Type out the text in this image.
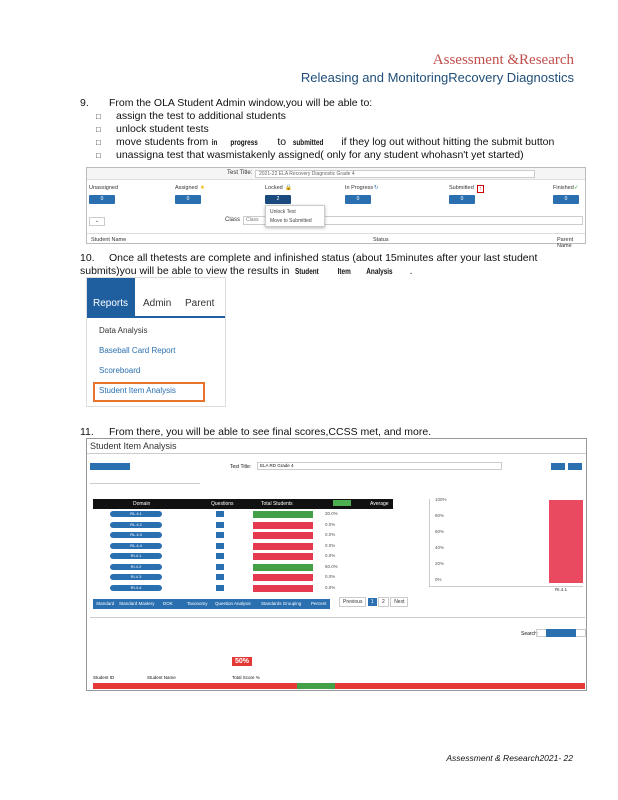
Assessment &Research
Releasing and MonitoringRecovery Diagnostics
9. From the OLA Student Admin window,you will be able to:
□ assign the test to additional students
□ unlock student tests
□ move students from in progress to submitted if they log out without hitting the submit button
□ unassigna test that wasmistakenly assigned( only for any student whohasn't yet started)
Test Title:	2021-22 ELA Recovery Diagnostic Grade 4
Unassigned	Assigned ★	Locked 🔒	In Progress ↻	Submitted ↑	Finished ✓
0	0	2	0	0	0
⌄	Class	Class
Unlock Test
Move to Submitted
Student Name	Status	Parent Name
10. Once all thetests are complete and infinished status (about 15minutes after your last student
submits)you will be able to view the results in Student Item Analysis .
Reports	Admin Parent
Data Analysis
Baseball Card Report
Scoreboard
Student Item Analysis
11. From there, you will be able to see final scores,CCSS met, and more.
Student Item Analysis
Test Title:	ELA RD Grade 4
Domain	Questions	Total Students	Average
RL.4.1	30.0%
RL.4.2	0.0%
RL.4.3	0.0%
RL.4.4	0.0%
RI.4.1	0.0%
RI.4.2	50.0%
RI.4.3	0.0%
RI.4.4	0.0%
Standard Standard Mastery DOK	Taxonomy Question Analysis Standards Grouping Percent	Previous 1 2 Next
100%
80%
60%
40%
20%
0%
RI.4.1
Search:
50%
Student ID	Student Name	Total Score %
Assessment & Research2021- 22
